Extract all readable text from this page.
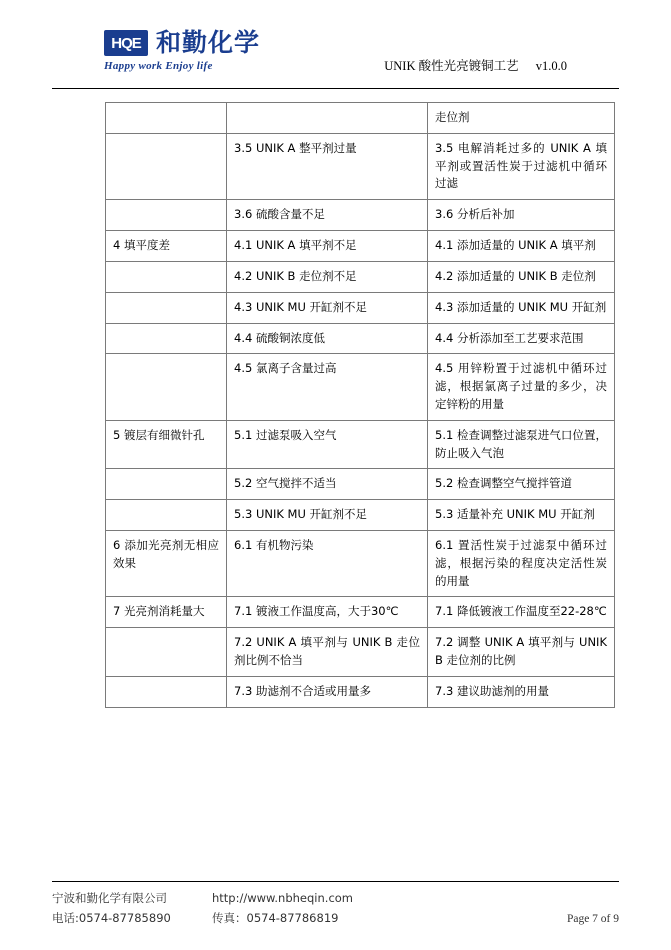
HQE 和勤化学
Happy work Enjoy life	UNIK 酸性光亮镀铜工艺 v1.0.0
		走位剂
	3.5 UNIK A 整平剂过量	3.5 电解消耗过多的 UNIK A 填平剂或置活性炭于过滤机中循环过滤
	3.6 硫酸含量不足	3.6 分析后补加
4 填平度差	4.1 UNIK A 填平剂不足	4.1 添加适量的 UNIK A 填平剂
	4.2 UNIK B 走位剂不足	4.2 添加适量的 UNIK B 走位剂
	4.3 UNIK MU 开缸剂不足	4.3 添加适量的 UNIK MU 开缸剂
	4.4 硫酸铜浓度低	4.4 分析添加至工艺要求范围
	4.5 氯离子含量过高	4.5 用锌粉置于过滤机中循环过滤，根据氯离子过量的多少，决定锌粉的用量
5 镀层有细微针孔	5.1 过滤泵吸入空气	5.1 检查调整过滤泵进气口位置，防止吸入气泡
	5.2 空气搅拌不适当	5.2 检查调整空气搅拌管道
	5.3 UNIK MU 开缸剂不足	5.3 适量补充 UNIK MU 开缸剂
6 添加光亮剂无相应效果	6.1 有机物污染	6.1 置活性炭于过滤泵中循环过滤，根据污染的程度决定活性炭的用量
7 光亮剂消耗量大	7.1 镀液工作温度高，大于30℃	7.1 降低镀液工作温度至22-28℃
	7.2 UNIK A 填平剂与 UNIK B 走位剂比例不恰当	7.2 调整 UNIK A 填平剂与 UNIK B 走位剂的比例
	7.3 助滤剂不合适或用量多	7.3 建议助滤剂的用量
宁波和勤化学有限公司	http://www.nbheqin.com
电话:0574-87785890	传真：0574-87786819	Page 7 of 9
